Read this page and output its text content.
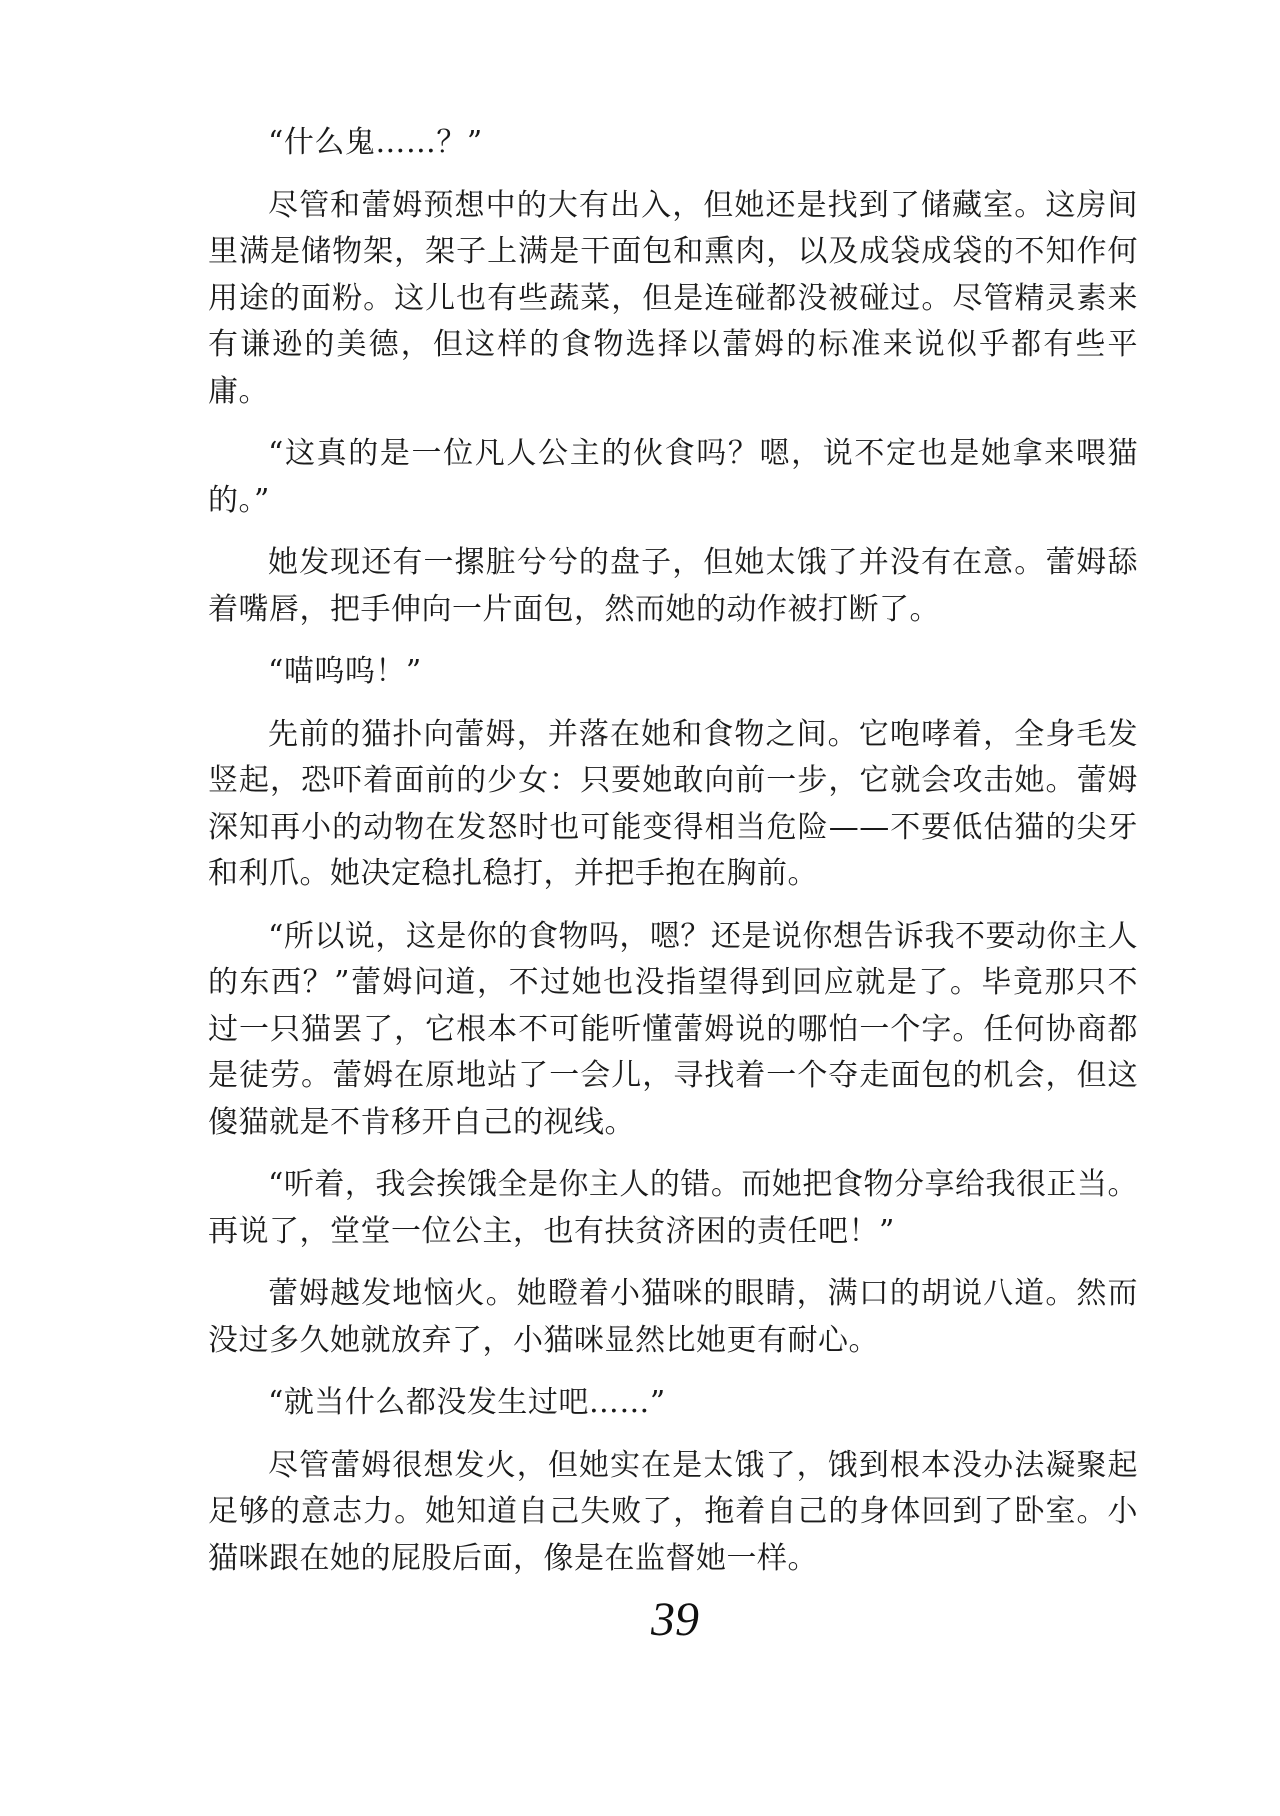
“什么鬼……？”

尽管和蕾姆预想中的大有出入，但她还是找到了储藏室。这房间里满是储物架，架子上满是干面包和熏肉，以及成袋成袋的不知作何用途的面粉。这儿也有些蔬菜，但是连碰都没被碰过。尽管精灵素来有谦逊的美德，但这样的食物选择以蕾姆的标准来说似乎都有些平庸。

“这真的是一位凡人公主的伙食吗？嗯，说不定也是她拿来喂猫的。”

她发现还有一摞脏兮兮的盘子，但她太饿了并没有在意。蕾姆舔着嘴唇，把手伸向一片面包，然而她的动作被打断了。

“喵呜呜！”

先前的猫扑向蕾姆，并落在她和食物之间。它咆哮着，全身毛发竖起，恐吓着面前的少女：只要她敢向前一步，它就会攻击她。蕾姆深知再小的动物在发怒时也可能变得相当危险——不要低估猫的尖牙和利爪。她决定稳扎稳打，并把手抱在胸前。

“所以说，这是你的食物吗，嗯？还是说你想告诉我不要动你主人的东西？”蕾姆问道，不过她也没指望得到回应就是了。毕竟那只不过一只猫罢了，它根本不可能听懂蕾姆说的哪怕一个字。任何协商都是徒劳。蕾姆在原地站了一会儿，寻找着一个夺走面包的机会，但这傻猫就是不肯移开自己的视线。

“听着，我会挨饿全是你主人的错。而她把食物分享给我很正当。再说了，堂堂一位公主，也有扶贫济困的责任吧！”

蕾姆越发地恼火。她瞪着小猫咪的眼睛，满口的胡说八道。然而没过多久她就放弃了，小猫咪显然比她更有耐心。

“就当什么都没发生过吧……”

尽管蕾姆很想发火，但她实在是太饿了，饿到根本没办法凝聚起足够的意志力。她知道自己失败了，拖着自己的身体回到了卧室。小猫咪跟在她的屁股后面，像是在监督她一样。

39
